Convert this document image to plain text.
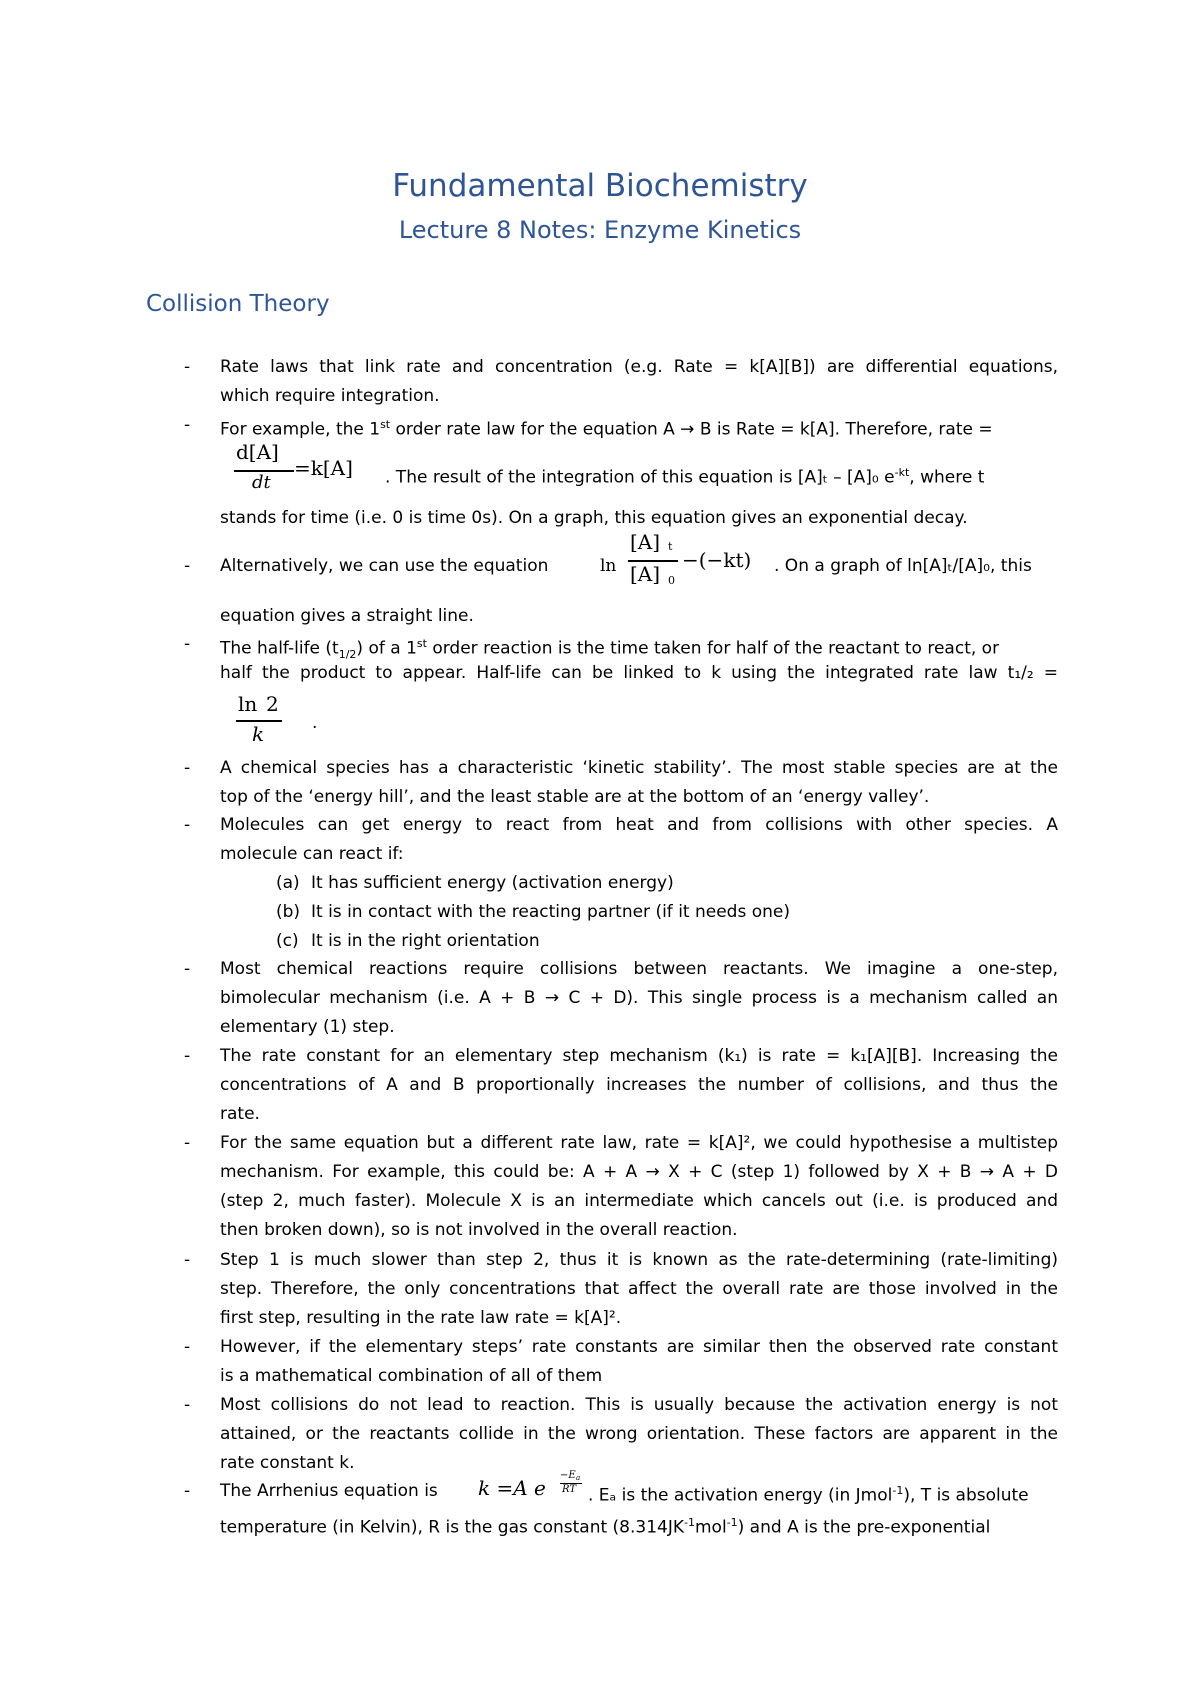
Fundamental Biochemistry
Lecture 8 Notes: Enzyme Kinetics
Collision Theory
-
-
-
-
-
-
-
-
-
-
-
-
-
Rate laws that link rate and concentration (e.g. Rate = k[A][B]) are differential equations,
which require integration.
For example, the 1st order rate law for the equation A → B is Rate = k[A]. Therefore, rate =
d[A]
dt
=k[A] . The result of the integration of this equation is [A]ₜ – [A]₀ $e^{-kt}$, where t
stands for time (i.e. 0 is time 0s). On a graph, this equation gives an exponential decay.
Alternatively, we can use the equation	ln
[A] t
[A] 0
−(−kt) . On a graph of ln[A]ₜ/[A]₀, this
equation gives a straight line.
The half-life $(t_{1/2})$ of a 1st order reaction is the time taken for half of the reactant to react, or
half the product to appear. Half-life can be linked to k using the integrated rate law t₁/₂ =
ln 2
k	.
A chemical species has a characteristic ‘kinetic stability’. The most stable species are at the
top of the ‘energy hill’, and the least stable are at the bottom of an ‘energy valley’.
Molecules can get energy to react from heat and from collisions with other species. A
molecule can react if:
(a) It has sufficient energy (activation energy)
(b) It is in contact with the reacting partner (if it needs one)
(c) It is in the right orientation
Most chemical reactions require collisions between reactants. We imagine a one-step,
bimolecular mechanism (i.e. A + B → C + D). This single process is a mechanism called an
elementary (1) step.
The rate constant for an elementary step mechanism (k₁) is rate = k₁[A][B]. Increasing the
concentrations of A and B proportionally increases the number of collisions, and thus the
rate.
For the same equation but a different rate law, rate = k[A]², we could hypothesise a multistep
mechanism. For example, this could be: A + A → X + C (step 1) followed by X + B → A + D
(step 2, much faster). Molecule X is an intermediate which cancels out (i.e. is produced and
then broken down), so is not involved in the overall reaction.
Step 1 is much slower than step 2, thus it is known as the rate-determining (rate-limiting)
step. Therefore, the only concentrations that affect the overall rate are those involved in the
first step, resulting in the rate law rate = k[A]².
However, if the elementary steps’ rate constants are similar then the observed rate constant
is a mathematical combination of all of them
Most collisions do not lead to reaction. This is usually because the activation energy is not
attained, or the reactants collide in the wrong orientation. These factors are apparent in the
rate constant k.
The Arrhenius equation is	k =A e
−E a
RT . Eₐ is the activation energy (in Jmol$^{-1}$), T is absolute
temperature (in Kelvin), R is the gas constant $(8.314JK^{-1}mol^{-1})$ and A is the pre-exponential
